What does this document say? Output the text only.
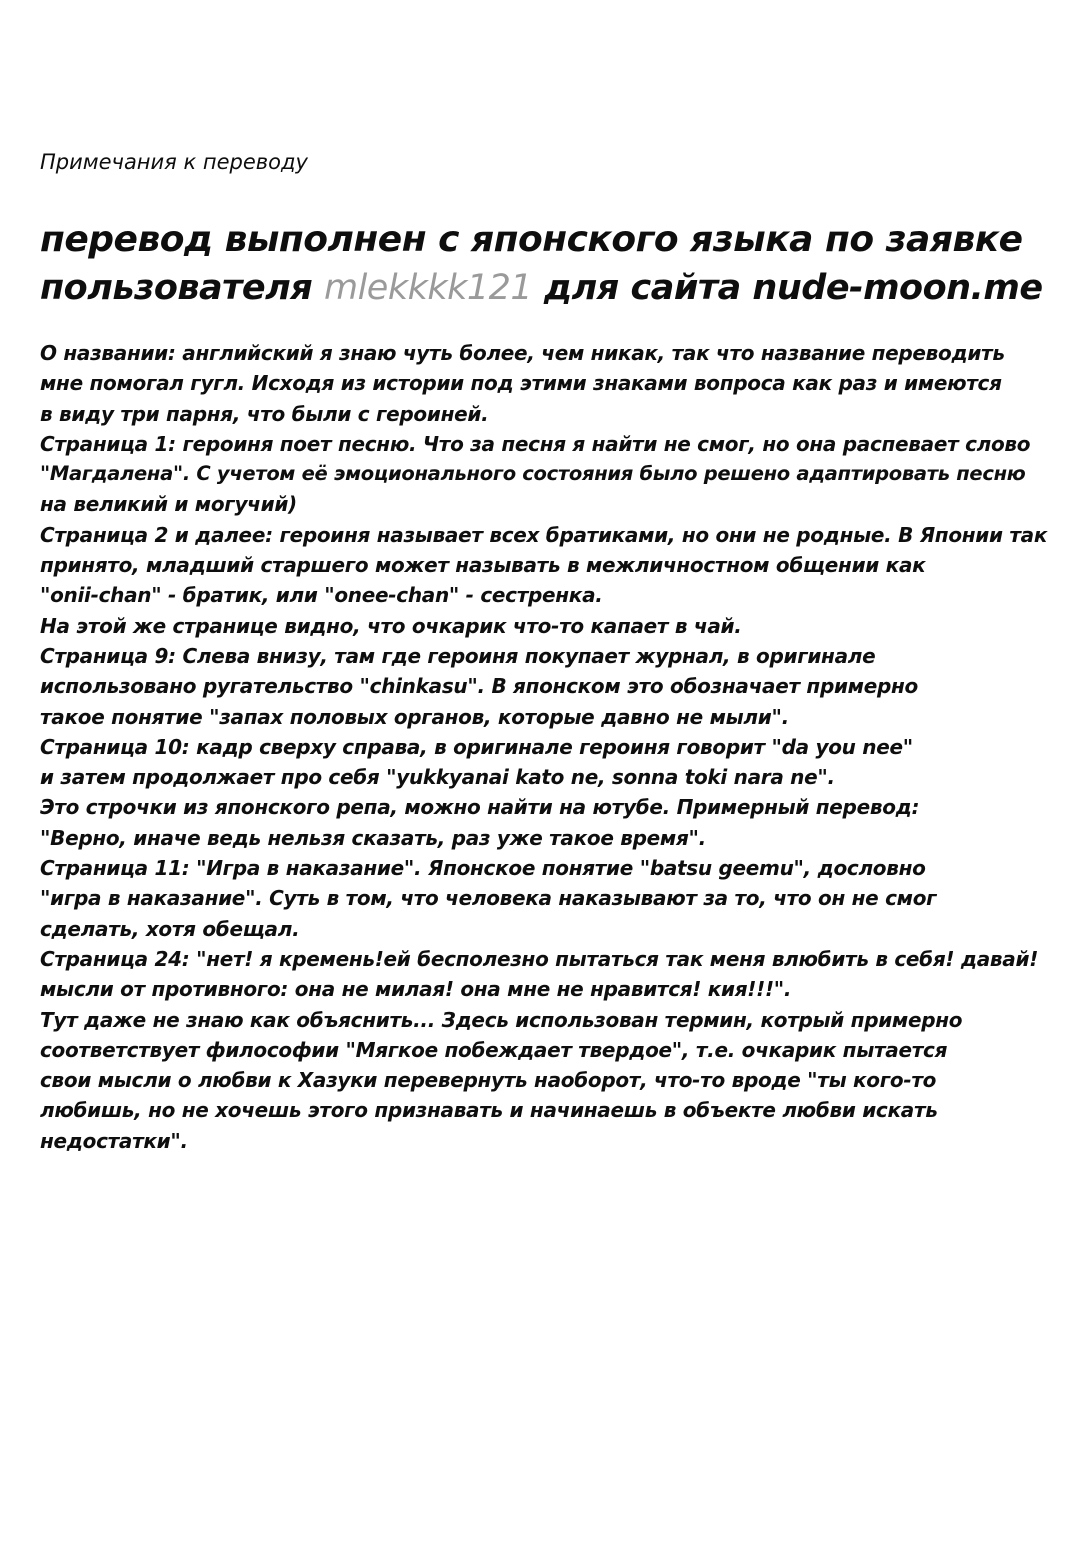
Примечания к переводу
перевод выполнен с японского языка по заявке
пользователя mlekkkk121 для сайта nude-moon.me
О названии: английский я знаю чуть более, чем никак, так что название переводить
мне помогал гугл. Исходя из истории под этими знаками вопроса как раз и имеются
в виду три парня, что были с героиней.
Страница 1: героиня поет песню. Что за песня я найти не смог, но она распевает слово
"Магдалена". С учетом её эмоционального состояния было решено адаптировать песню
на великий и могучий)
Страница 2 и далее: героиня называет всех братиками, но они не родные. В Японии так
принято, младший старшего может называть в межличностном общении как
"onii-chan" - братик, или "onee-chan" - сестренка.
На этой же странице видно, что очкарик что-то капает в чай.
Страница 9: Слева внизу, там где героиня покупает журнал, в оригинале
использовано ругательство "chinkasu". В японском это обозначает примерно
такое понятие "запах половых органов, которые давно не мыли".
Страница 10: кадр сверху справа, в оригинале героиня говорит "da you nee"
и затем продолжает про себя "yukkyanai kato ne, sonna toki nara ne".
Это строчки из японского репа, можно найти на ютубе. Примерный перевод:
"Верно, иначе ведь нельзя сказать, раз уже такое время".
Страница 11: "Игра в наказание". Японское понятие "batsu geemu", дословно
"игра в наказание". Суть в том, что человека наказывают за то, что он не смог
сделать, хотя обещал.
Страница 24: "нет! я кремень!ей бесполезно пытаться так меня влюбить в себя! давай!
мысли от противного: она не милая! она мне не нравится! кия!!!".
Тут даже не знаю как объяснить... Здесь использован термин, котрый примерно
соответствует философии "Мягкое побеждает твердое", т.е. очкарик пытается
свои мысли о любви к Хазуки перевернуть наоборот, что-то вроде "ты кого-то
любишь, но не хочешь этого признавать и начинаешь в объекте любви искать
недостатки".
